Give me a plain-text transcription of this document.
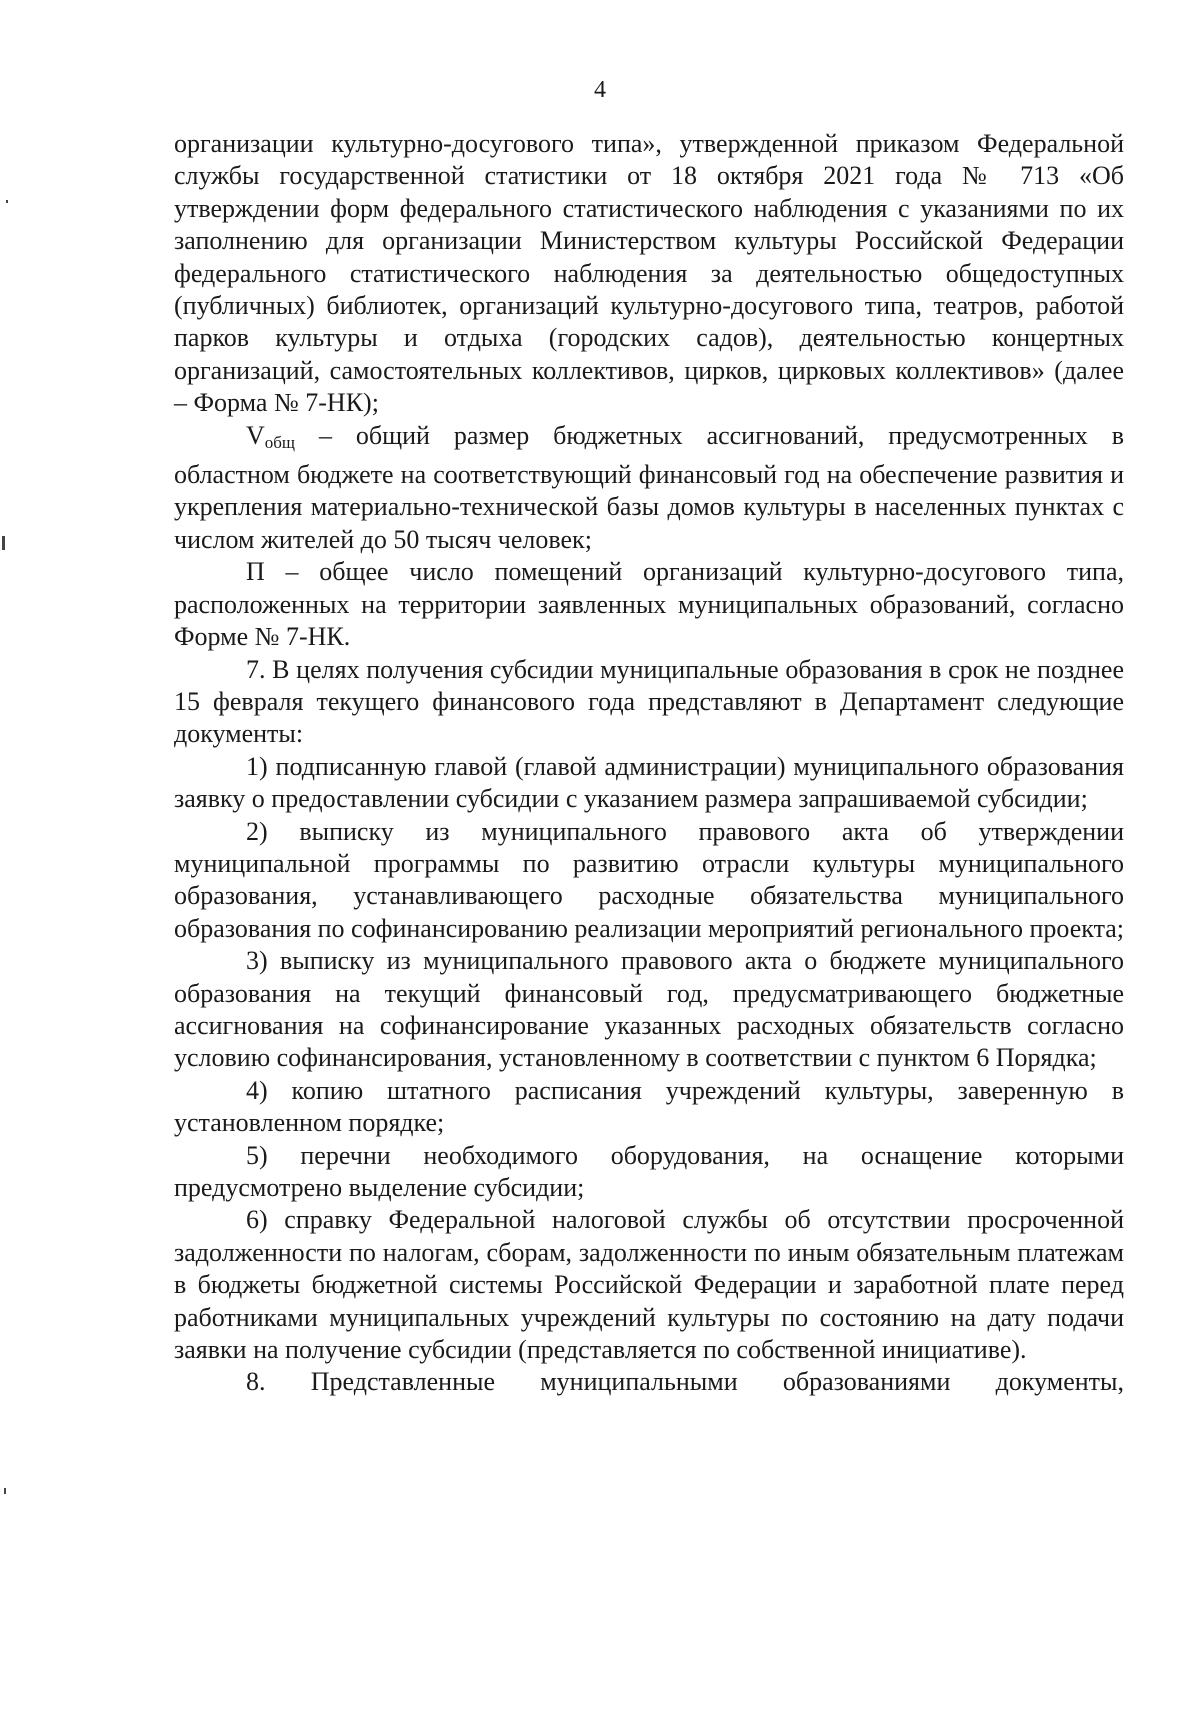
4

организации культурно-досугового типа», утвержденной приказом Федеральной службы государственной статистики от 18 октября 2021 года № 713 «Об утверждении форм федерального статистического наблюдения с указаниями по их заполнению для организации Министерством культуры Российской Федерации федерального статистического наблюдения за деятельностью общедоступных (публичных) библиотек, организаций культурно-досугового типа, театров, работой парков культуры и отдыха (городских садов), деятельностью концертных организаций, самостоятельных коллективов, цирков, цирковых коллективов» (далее – Форма № 7-НК);

$V_{общ}$ – общий размер бюджетных ассигнований, предусмотренных в областном бюджете на соответствующий финансовый год на обеспечение развития и укрепления материально-технической базы домов культуры в населенных пунктах с числом жителей до 50 тысяч человек;

П – общее число помещений организаций культурно-досугового типа, расположенных на территории заявленных муниципальных образований, согласно Форме № 7-НК.

7. В целях получения субсидии муниципальные образования в срок не позднее 15 февраля текущего финансового года представляют в Департамент следующие документы:

1) подписанную главой (главой администрации) муниципального образования заявку о предоставлении субсидии с указанием размера запрашиваемой субсидии;

2) выписку из муниципального правового акта об утверждении муниципальной программы по развитию отрасли культуры муниципального образования, устанавливающего расходные обязательства муниципального образования по софинансированию реализации мероприятий регионального проекта;

3) выписку из муниципального правового акта о бюджете муниципального образования на текущий финансовый год, предусматривающего бюджетные ассигнования на софинансирование указанных расходных обязательств согласно условию софинансирования, установленному в соответствии с пунктом 6 Порядка;

4) копию штатного расписания учреждений культуры, заверенную в установленном порядке;

5) перечни необходимого оборудования, на оснащение которыми предусмотрено выделение субсидии;

6) справку Федеральной налоговой службы об отсутствии просроченной задолженности по налогам, сборам, задолженности по иным обязательным платежам в бюджеты бюджетной системы Российской Федерации и заработной плате перед работниками муниципальных учреждений культуры по состоянию на дату подачи заявки на получение субсидии (представляется по собственной инициативе).

8. Представленные муниципальными образованиями документы,
